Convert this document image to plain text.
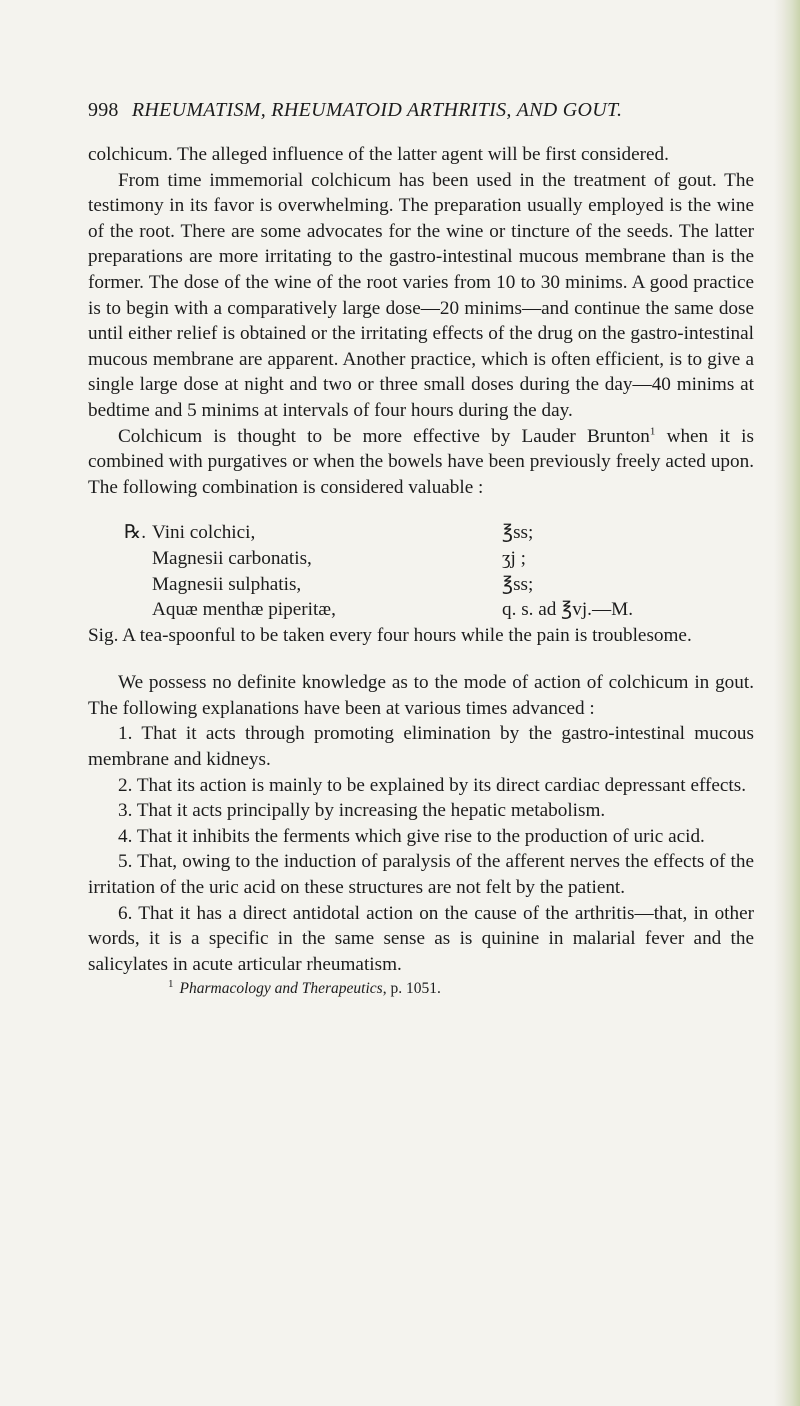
998 RHEUMATISM, RHEUMATOID ARTHRITIS, AND GOUT.

colchicum. The alleged influence of the latter agent will be first considered.

From time immemorial colchicum has been used in the treatment of gout. The testimony in its favor is overwhelming. The preparation usually employed is the wine of the root. There are some advocates for the wine or tincture of the seeds. The latter preparations are more irritating to the gastro-intestinal mucous membrane than is the former. The dose of the wine of the root varies from 10 to 30 minims. A good practice is to begin with a comparatively large dose—20 minims—and continue the same dose until either relief is obtained or the irritating effects of the drug on the gastro-intestinal mucous membrane are apparent. Another practice, which is often efficient, is to give a single large dose at night and two or three small doses during the day—40 minims at bedtime and 5 minims at intervals of four hours during the day.

Colchicum is thought to be more effective by Lauder Brunton$^1$ when it is combined with purgatives or when the bowels have been previously freely acted upon. The following combination is considered valuable :

℞. Vini colchici,	℥ss;
Magnesii carbonatis,	ʒj ;
Magnesii sulphatis,	℥ss;
Aquæ menthæ piperitæ,	q. s. ad ℥vj.—M.

Sig. A tea-spoonful to be taken every four hours while the pain is troublesome.

We possess no definite knowledge as to the mode of action of colchicum in gout. The following explanations have been at various times advanced :

1. That it acts through promoting elimination by the gastro-intestinal mucous membrane and kidneys.

2. That its action is mainly to be explained by its direct cardiac depressant effects.

3. That it acts principally by increasing the hepatic metabolism.

4. That it inhibits the ferments which give rise to the production of uric acid.

5. That, owing to the induction of paralysis of the afferent nerves the effects of the irritation of the uric acid on these structures are not felt by the patient.

6. That it has a direct antidotal action on the cause of the arthritis—that, in other words, it is a specific in the same sense as is quinine in malarial fever and the salicylates in acute articular rheumatism.

$^1$ Pharmacology and Therapeutics, p. 1051.
